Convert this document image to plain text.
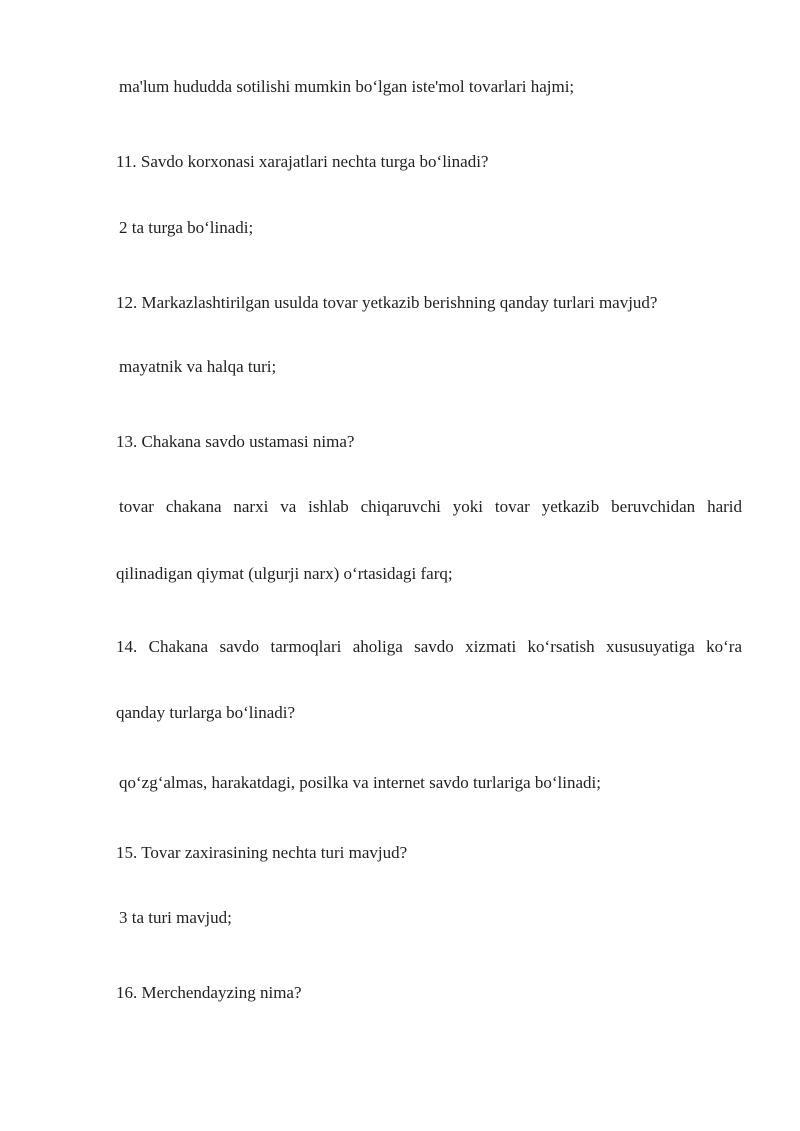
ma'lum hududda sotilishi mumkin bo‘lgan iste'mol tovarlari hajmi;
11. Savdo korxonasi xarajatlari nechta turga bo‘linadi?
2 ta turga bo‘linadi;
12. Markazlashtirilgan usulda tovar yetkazib berishning qanday turlari mavjud?
mayatnik va halqa turi;
13. Chakana savdo ustamasi nima?
tovar chakana narxi va ishlab chiqaruvchi yoki tovar yetkazib beruvchidan harid
qilinadigan qiymat (ulgurji narx) o‘rtasidagi farq;
14. Chakana savdo tarmoqlari aholiga savdo xizmati ko‘rsatish xususuyatiga ko‘ra
qanday turlarga bo‘linadi?
qo‘zg‘almas, harakatdagi, posilka va internet savdo turlariga bo‘linadi;
15. Tovar zaxirasining nechta turi mavjud?
3 ta turi mavjud;
16. Merchendayzing nima?
